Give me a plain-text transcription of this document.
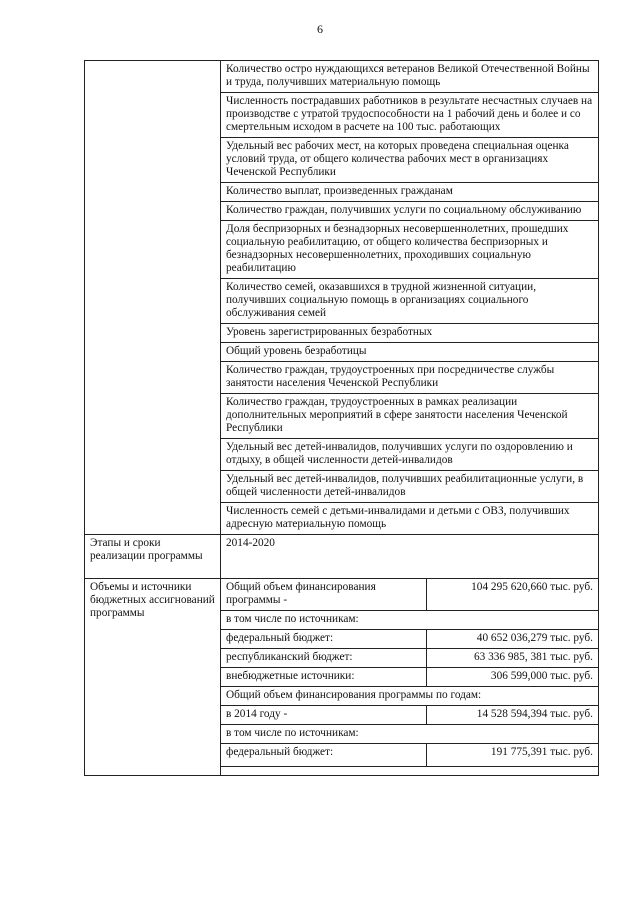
6
	Количество остро нуждающихся ветеранов Великой Отечественной Войны и труда, получивших материальную помощь	
	Численность пострадавших работников в результате несчастных случаев на производстве с утратой трудоспособности на 1 рабочий день и более и со смертельным исходом в расчете на 100 тыс. работающих	
	Удельный вес рабочих мест, на которых проведена специальная оценка условий труда, от общего количества рабочих мест в организациях Чеченской Республики	
	Количество выплат, произведенных гражданам	
	Количество граждан, получивших услуги по социальному обслуживанию	
	Доля беспризорных и безнадзорных несовершеннолетних, прошедших социальную реабилитацию, от общего количества беспризорных и безнадзорных несовершеннолетних, проходивших социальную реабилитацию	
	Количество семей, оказавшихся в трудной жизненной ситуации, получивших социальную помощь в организациях социального обслуживания семей	
	Уровень зарегистрированных безработных	
	Общий уровень безработицы	
	Количество граждан, трудоустроенных при посредничестве службы занятости населения Чеченской Республики	
	Количество граждан, трудоустроенных в рамках реализации дополнительных мероприятий в сфере занятости населения Чеченской Республики	
	Удельный вес детей-инвалидов, получивших услуги по оздоровлению и отдыху, в общей численности детей-инвалидов	
	Удельный вес детей-инвалидов, получивших реабилитационные услуги, в общей численности детей-инвалидов	
	Численность семей с детьми-инвалидами и детьми с ОВЗ, получивших адресную материальную помощь	
Этапы и сроки реализации программы	2014-2020	
Объемы и источники бюджетных ассигнований программы	Общий объем финансирования программы -	104 295 620,660 тыс. руб.
	в том числе по источникам:	
	федеральный бюджет:	40 652 036,279 тыс. руб.
	республиканский бюджет:	63 336 985, 381 тыс. руб.
	внебюджетные источники:	306 599,000 тыс. руб.
	Общий объем финансирования программы по годам:	
	в 2014 году -	14 528 594,394 тыс. руб.
	в том числе по источникам:	
	федеральный бюджет:	191 775,391 тыс. руб.
